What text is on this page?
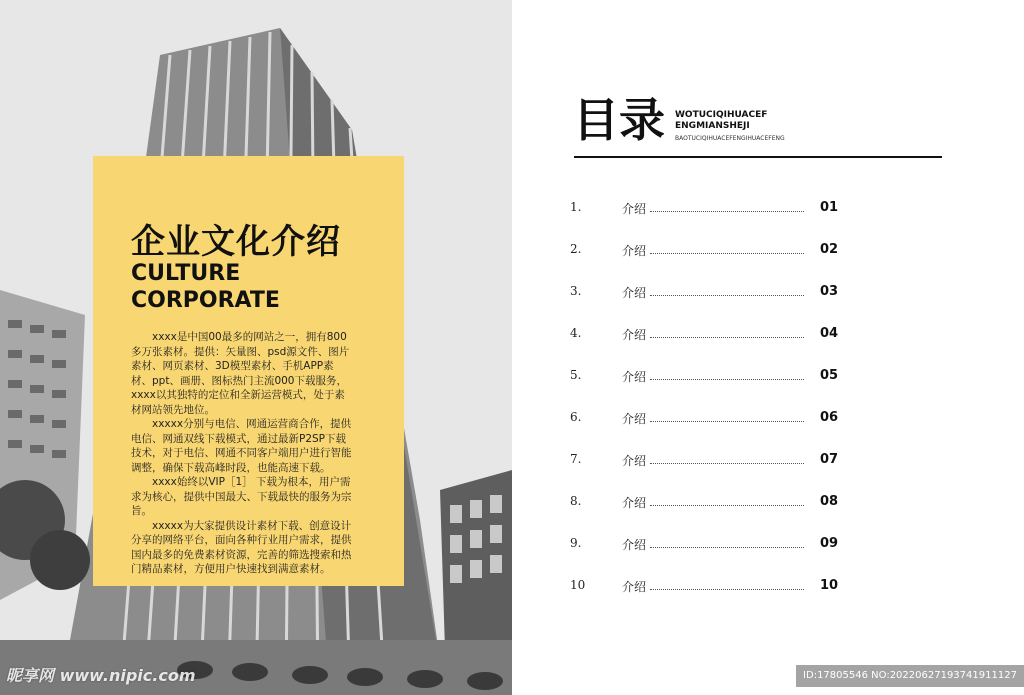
企业文化介绍
CULTURE
CORPORATE

xxxx是中国00最多的网站之一，拥有800多万张素材。提供：矢量图、psd源文件、图片素材、网页素材、3D模型素材、手机APP素材、ppt、画册、图标热门主流000下载服务，xxxx以其独特的定位和全新运营模式，处于素材网站领先地位。

xxxxx分别与电信、网通运营商合作，提供电信、网通双线下载模式，通过最新P2SP下载技术，对于电信、网通不同客户端用户进行智能调整，确保下载高峰时段，也能高速下载。

xxxx始终以VIP［1］ 下载为根本，用户需求为核心，提供中国最大、下载最快的服务为宗旨。

xxxxx为大家提供设计素材下载、创意设计分享的网络平台，面向各种行业用户需求，提供国内最多的免费素材资源，完善的筛选搜索和热门精品素材，方便用户快速找到满意素材。

昵享网 www.nipic.com
目录 WOTUCIQIHUACEF
ENGMIANSHEJI
BAOTUCIQIHUACEFENGIHUACEFENG
1.	介绍	01
2.	介绍	02
3.	介绍	03
4.	介绍	04
5.	介绍	05
6.	介绍	06
7.	介绍	07
8.	介绍	08
9.	介绍	09
10	介绍	10
ID:17805546 NO:20220627193741911127
